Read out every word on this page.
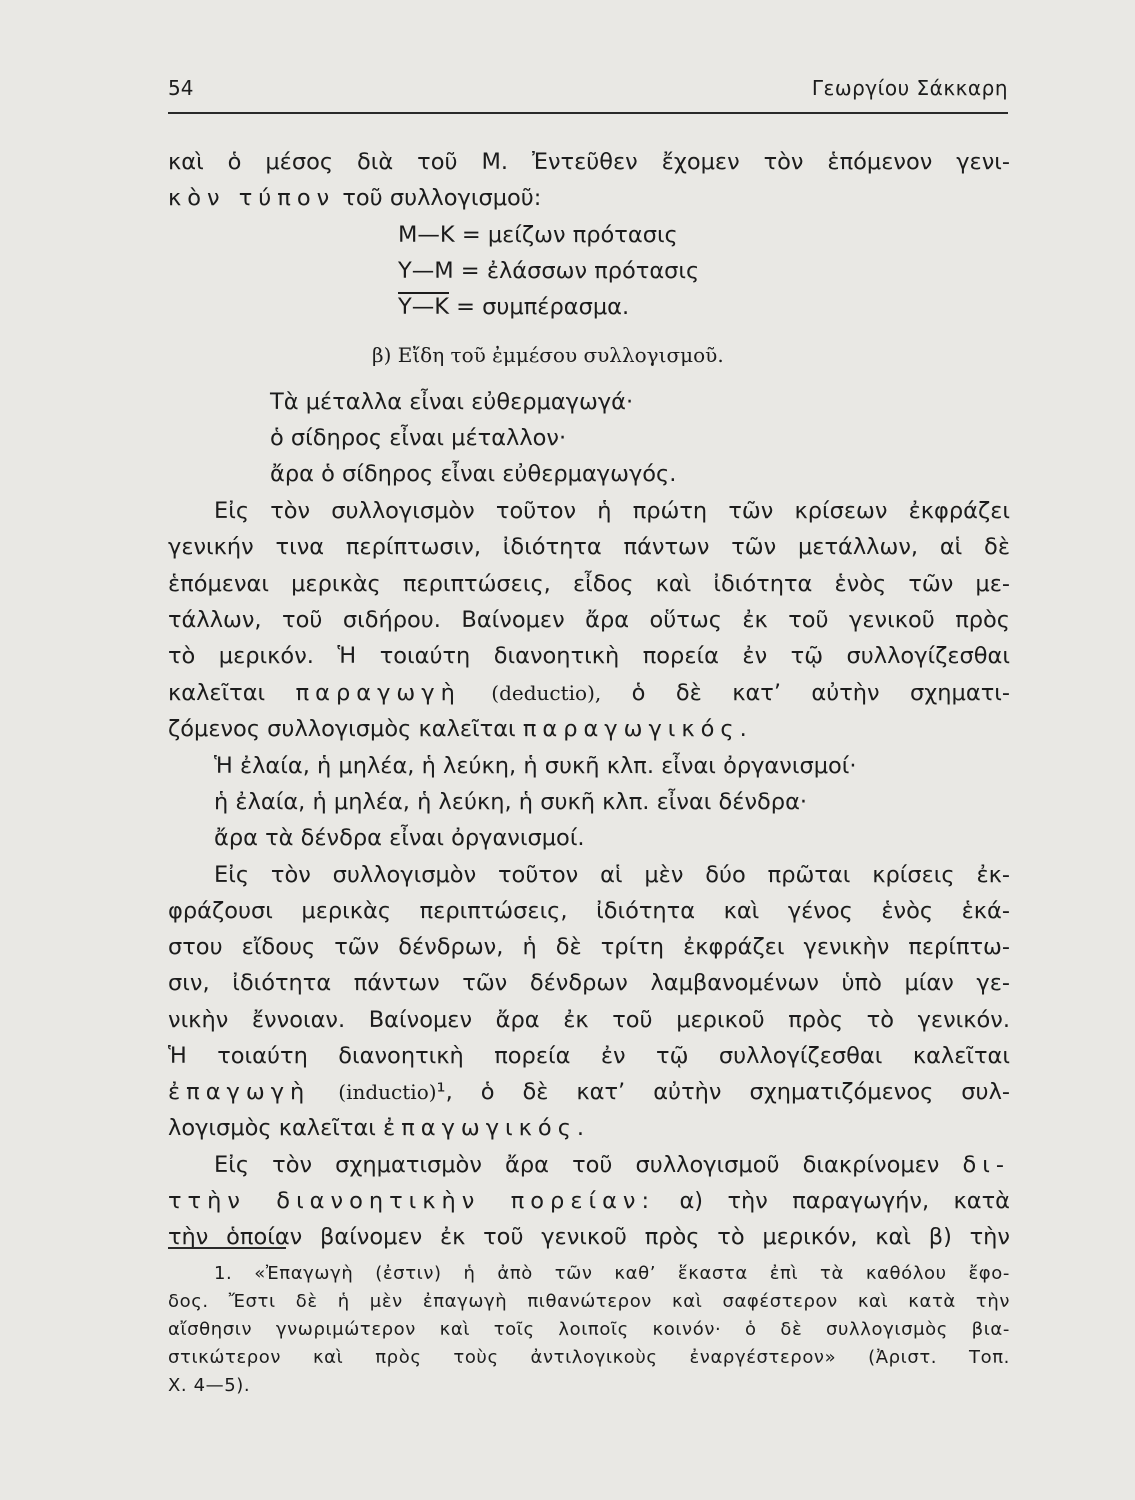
54	Γεωργίου Σάκκαρη
καὶ ὁ μέσος διὰ τοῦ Μ. Ἐντεῦθεν ἔχομεν τὸν ἑπόμενον γενι-
κὸν τύπον τοῦ συλλογισμοῦ:
Μ—Κ = μείζων πρότασις
Υ—Μ = ἐλάσσων πρότασις
Υ—Κ = συμπέρασμα.
β) Εἴδη τοῦ ἐμμέσου συλλογισμοῦ.
Τὰ μέταλλα εἶναι εὐθερμαγωγά·
ὁ σίδηρος εἶναι μέταλλον·
ἄρα ὁ σίδηρος εἶναι εὐθερμαγωγός.
Εἰς τὸν συλλογισμὸν τοῦτον ἡ πρώτη τῶν κρίσεων ἐκφράζει
γενικήν τινα περίπτωσιν, ἰδιότητα πάντων τῶν μετάλλων, αἱ δὲ
ἑπόμεναι μερικὰς περιπτώσεις, εἶδος καὶ ἰδιότητα ἑνὸς τῶν με-
τάλλων, τοῦ σιδήρου. Βαίνομεν ἄρα οὕτως ἐκ τοῦ γενικοῦ πρὸς
τὸ μερικόν. Ἡ τοιαύτη διανοητικὴ πορεία ἐν τῷ συλλογίζεσθαι
καλεῖται παραγωγὴ (deductio), ὁ δὲ κατ’ αὐτὴν σχηματι-
ζόμενος συλλογισμὸς καλεῖται παραγωγικός.
Ἡ ἐλαία, ἡ μηλέα, ἡ λεύκη, ἡ συκῆ κλπ. εἶναι ὀργανισμοί·
ἡ ἐλαία, ἡ μηλέα, ἡ λεύκη, ἡ συκῆ κλπ. εἶναι δένδρα·
ἄρα τὰ δένδρα εἶναι ὀργανισμοί.
Εἰς τὸν συλλογισμὸν τοῦτον αἱ μὲν δύο πρῶται κρίσεις ἐκ-
φράζουσι μερικὰς περιπτώσεις, ἰδιότητα καὶ γένος ἑνὸς ἑκά-
στου εἴδους τῶν δένδρων, ἡ δὲ τρίτη ἐκφράζει γενικὴν περίπτω-
σιν, ἰδιότητα πάντων τῶν δένδρων λαμβανομένων ὑπὸ μίαν γε-
νικὴν ἔννοιαν. Βαίνομεν ἄρα ἐκ τοῦ μερικοῦ πρὸς τὸ γενικόν.
Ἡ τοιαύτη διανοητικὴ πορεία ἐν τῷ συλλογίζεσθαι καλεῖται
ἐπαγωγὴ (inductio)¹, ὁ δὲ κατ’ αὐτὴν σχηματιζόμενος συλ-
λογισμὸς καλεῖται ἐπαγωγικός.
Εἰς τὸν σχηματισμὸν ἄρα τοῦ συλλογισμοῦ διακρίνομεν δι-
ττὴν διανοητικὴν πορείαν: α) τὴν παραγωγήν, κατὰ
τὴν ὁποίαν βαίνομεν ἐκ τοῦ γενικοῦ πρὸς τὸ μερικόν, καὶ β) τὴν
1. «Ἐπαγωγὴ (ἐστιν) ἡ ἀπὸ τῶν καθ’ ἕκαστα ἐπὶ τὰ καθόλου ἔφο-
δος. Ἔστι δὲ ἡ μὲν ἐπαγωγὴ πιθανώτερον καὶ σαφέστερον καὶ κατὰ τὴν
αἴσθησιν γνωριμώτερον καὶ τοῖς λοιποῖς κοινόν· ὁ δὲ συλλογισμὸς βια-
στικώτερον καὶ πρὸς τοὺς ἀντιλογικοὺς ἐναργέστερον» (Ἀριστ. Τοπ.
Χ. 4—5).
